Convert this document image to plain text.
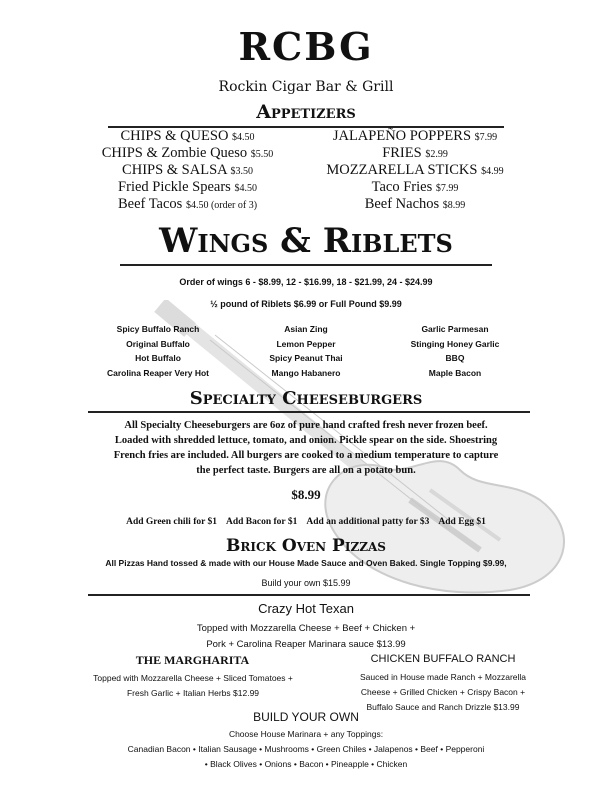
RCBG
Rockin Cigar Bar & Grill
Appetizers
CHIPS & QUESO $4.50
CHIPS & Zombie Queso $5.50
CHIPS & SALSA $3.50
Fried Pickle Spears $4.50
Beef Tacos $4.50 (order of 3)
JALAPEÑO POPPERS $7.99
FRIES $2.99
MOZZARELLA STICKS $4.99
Taco Fries $7.99
Beef Nachos $8.99
Wings & Riblets
Order of wings 6 - $8.99, 12 - $16.99, 18 - $21.99, 24 - $24.99
½ pound of Riblets $6.99 or Full Pound $9.99
Spicy Buffalo Ranch
Original Buffalo
Hot Buffalo
Carolina Reaper Very Hot
Asian Zing
Lemon Pepper
Spicy Peanut Thai
Mango Habanero
Garlic Parmesan
Stinging Honey Garlic
BBQ
Maple Bacon
Specialty Cheeseburgers
All Specialty Cheeseburgers are 6oz of pure hand crafted fresh never frozen beef.
Loaded with shredded lettuce, tomato, and onion. Pickle spear on the side. Shoestring
French fries are included. All burgers are cooked to a medium temperature to capture
the perfect taste. Burgers are all on a potato bun.
$8.99
Add Green chili for $1    Add Bacon for $1    Add an additional patty for $3    Add Egg $1
Brick Oven Pizzas
All Pizzas Hand tossed & made with our House Made Sauce and Oven Baked. Single Topping $9.99,
Build your own $15.99
Crazy Hot Texan
Topped with Mozzarella Cheese + Beef + Chicken +
Pork + Carolina Reaper Marinara sauce $13.99
THE MARGHARITA
Topped with Mozzarella Cheese + Sliced Tomatoes +
Fresh Garlic + Italian Herbs $12.99
CHICKEN BUFFALO RANCH
Sauced in House made Ranch + Mozzarella
Cheese + Grilled Chicken + Crispy Bacon +
Buffalo Sauce and Ranch Drizzle $13.99
BUILD YOUR OWN
Choose House Marinara + any Toppings:
Canadian Bacon • Italian Sausage • Mushrooms • Green Chiles • Jalapenos • Beef • Pepperoni
• Black Olives • Onions • Bacon • Pineapple • Chicken
